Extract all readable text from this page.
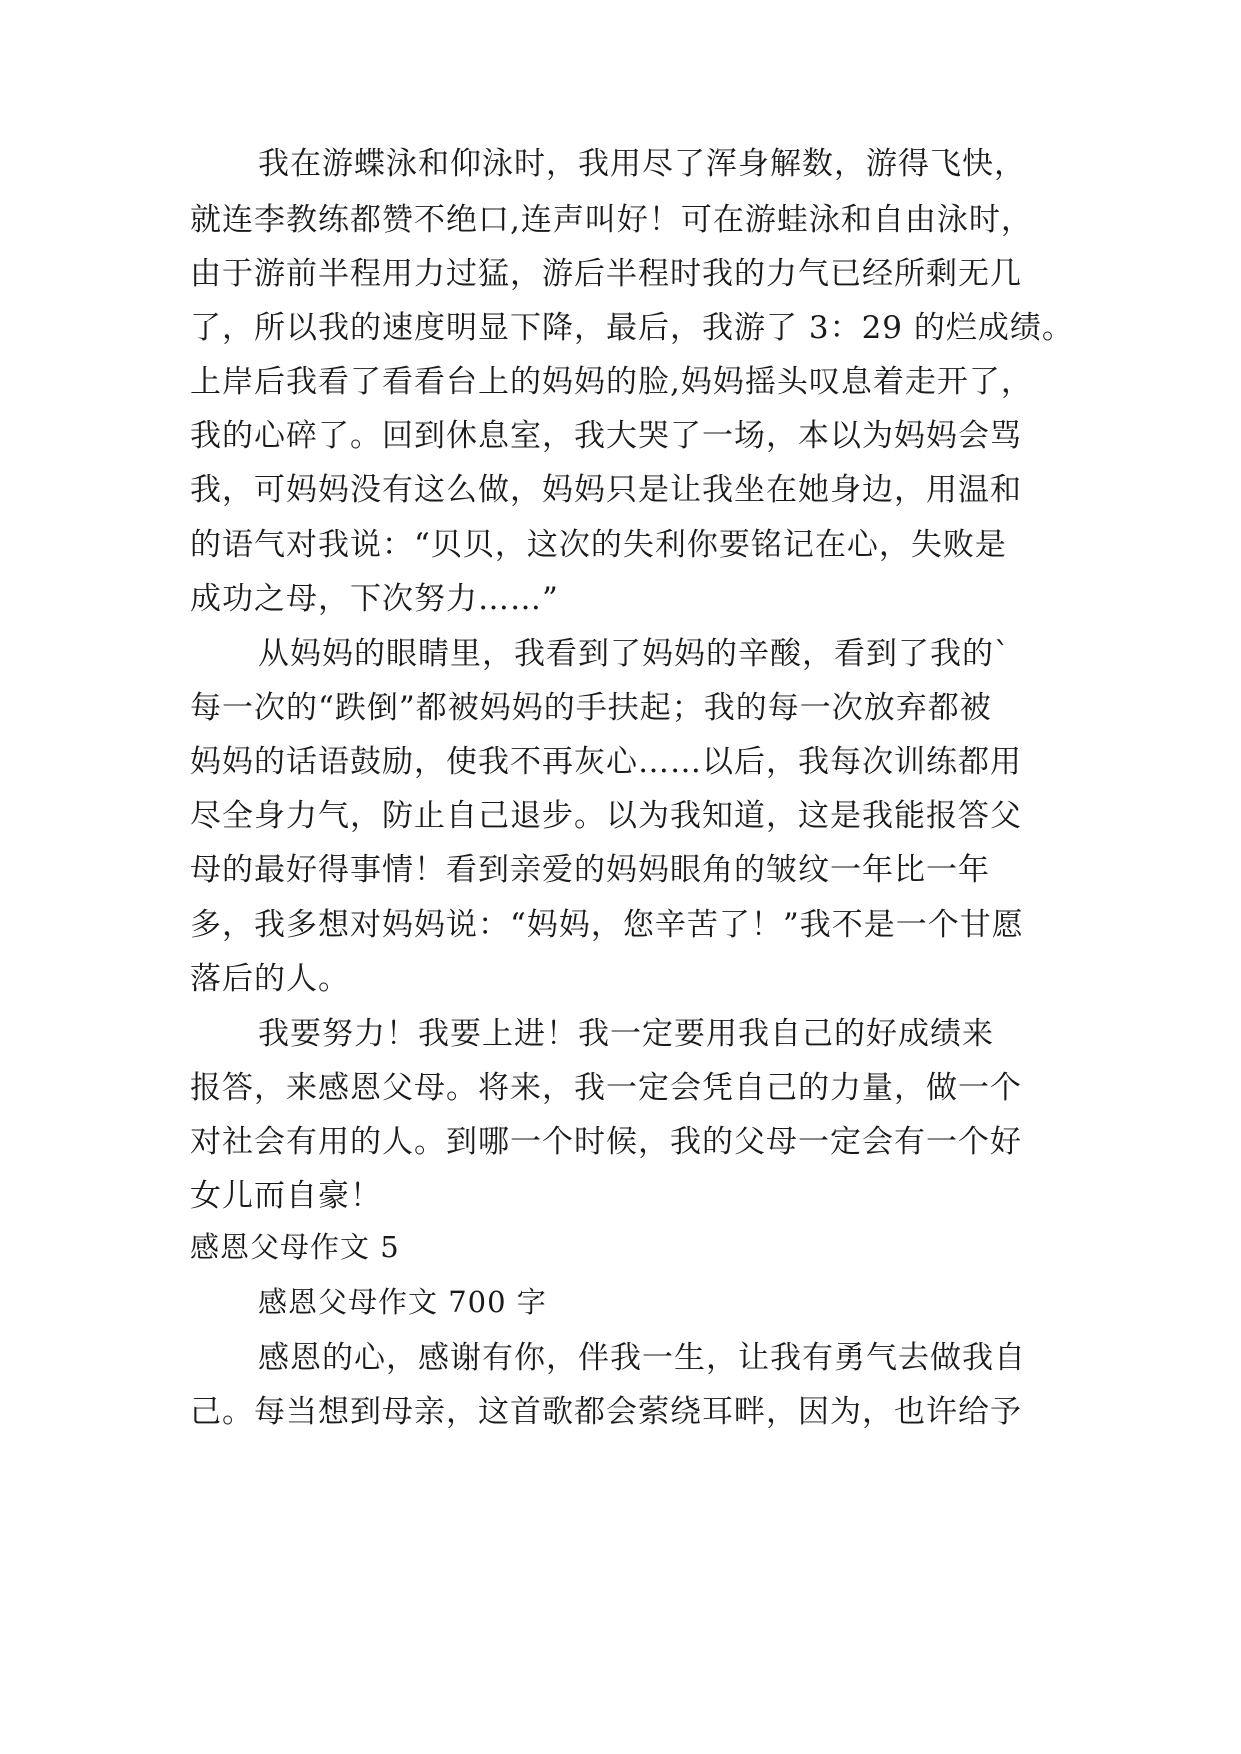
我在游蝶泳和仰泳时，我用尽了浑身解数，游得飞快，
就连李教练都赞不绝口,连声叫好！可在游蛙泳和自由泳时，
由于游前半程用力过猛，游后半程时我的力气已经所剩无几
了，所以我的速度明显下降，最后，我游了 3：29 的烂成绩。
上岸后我看了看看台上的妈妈的脸,妈妈摇头叹息着走开了，
我的心碎了。回到休息室，我大哭了一场，本以为妈妈会骂
我，可妈妈没有这么做，妈妈只是让我坐在她身边，用温和
的语气对我说：“贝贝，这次的失利你要铭记在心，失败是
成功之母，下次努力……”
从妈妈的眼睛里，我看到了妈妈的辛酸，看到了我的`
每一次的“跌倒”都被妈妈的手扶起；我的每一次放弃都被
妈妈的话语鼓励，使我不再灰心……以后，我每次训练都用
尽全身力气，防止自己退步。以为我知道，这是我能报答父
母的最好得事情！看到亲爱的妈妈眼角的皱纹一年比一年
多，我多想对妈妈说：“妈妈，您辛苦了！”我不是一个甘愿
落后的人。
我要努力！我要上进！我一定要用我自己的好成绩来
报答，来感恩父母。将来，我一定会凭自己的力量，做一个
对社会有用的人。到哪一个时候，我的父母一定会有一个好
女儿而自豪！
感恩父母作文 5
感恩父母作文 700 字
感恩的心，感谢有你，伴我一生，让我有勇气去做我自
己。每当想到母亲，这首歌都会萦绕耳畔，因为，也许给予
